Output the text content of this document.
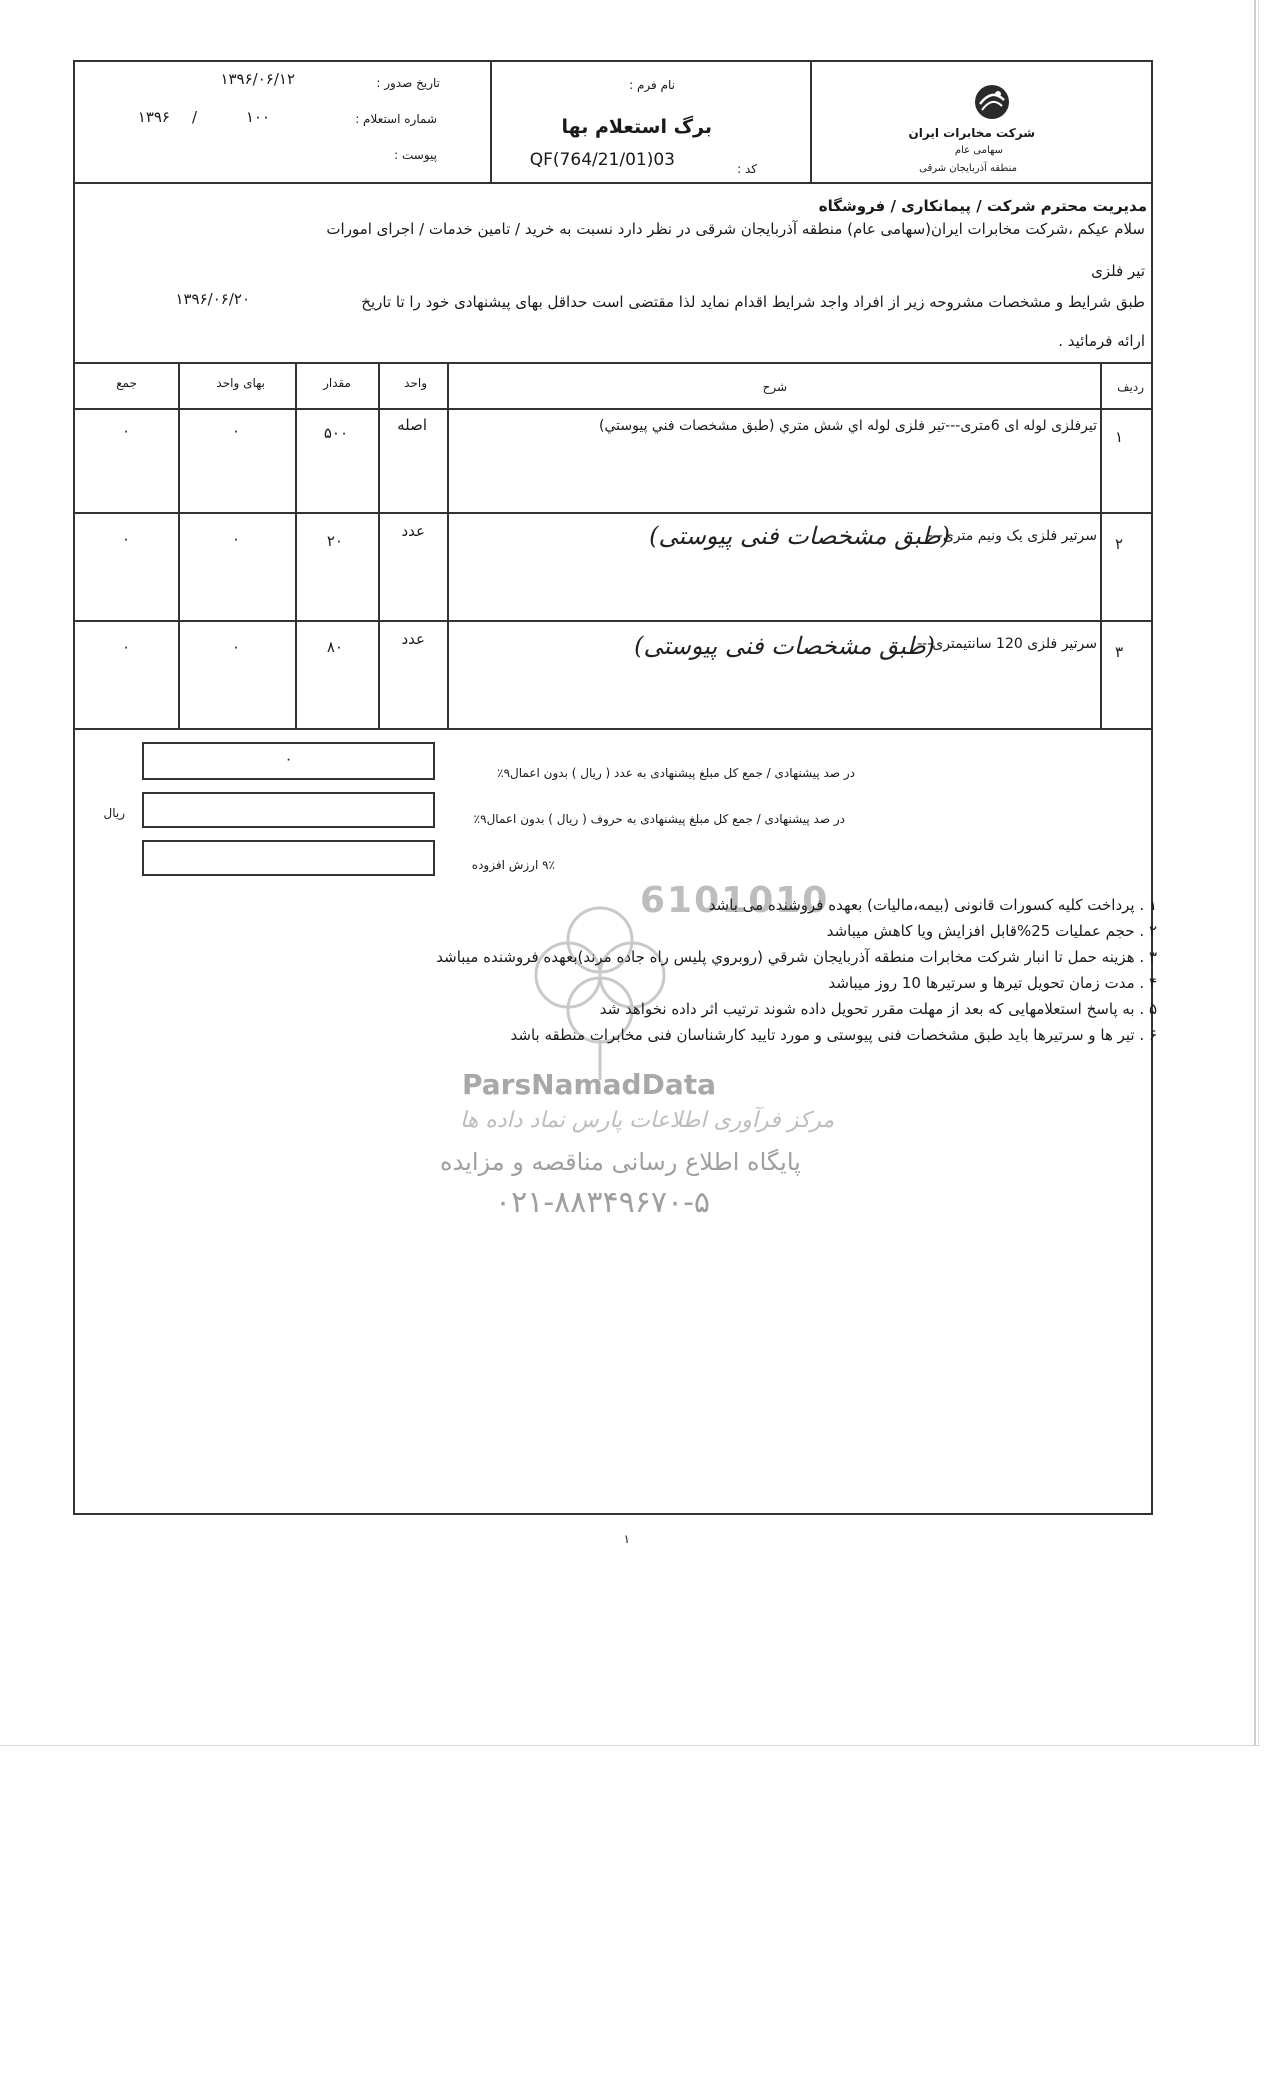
شرکت مخابرات ایران
سهامی عام
منطقه آذربایجان شرقی
نام فرم :
برگ استعلام بها
QF(764/21/01)03	کد :
تاریخ صدور :
۱۳۹۶/۰۶/۱۲
شماره استعلام :
۱۰۰
/
۱۳۹۶
پیوست :
مدیریت محترم شرکت / پیمانکاری / فروشگاه
سلام عیکم ،شرکت مخابرات ایران(سهامی عام) منطقه آذربایجان شرقی در نظر دارد نسبت به خرید / تامین خدمات / اجرای امورات
تیر فلزی
طبق شرایط و مشخصات مشروحه زیر از افراد واجد شرایط اقدام نماید لذا مقتضی است حداقل بهای پیشنهادی خود را تا تاریخ
۱۳۹۶/۰۶/۲۰
ارائه فرمائید .
ردیف
شرح
واحد
مقدار
بهای واحد
جمع
۱
تیرفلزی لوله ای 6متری---تیر فلزی لوله اي شش متري (طبق مشخصات فني پيوستي)
اصله
۵۰۰
۰
۰
۲
سرتیر فلزی یک ونیم متری---
(طبق مشخصات فنی پیوستی)
عدد
۲۰
۰
۰
۳
سرتیر فلزی 120 سانتیمتری---
(طبق مشخصات فنی پیوستی)
عدد
۸۰
۰
۰
۰
در صد پیشنهادی / جمع کل مبلغ پیشنهادی به عدد ( ریال ) بدون اعمال۹٪
ریال	در صد پیشنهادی / جمع کل مبلغ پیشنهادی به حروف ( ریال ) بدون اعمال۹٪
۹٪ ارزش افزوده
6101010
ParsNamadData
مرکز فرآوری اطلاعات پارس نماد داده ها
پایگاه اطلاع رسانی مناقصه و مزایده
۰۲۱-۸۸۳۴۹۶۷۰-۵
۱ . پرداخت کلیه کسورات قانونی (بیمه،مالیات) بعهده فروشنده می باشد
۲ . حجم عملیات 25%قابل افزایش ویا کاهش میباشد
۳ . هزینه حمل تا انبار شرکت مخابرات منطقه آذربایجان شرقي (روبروي پليس راه جاده مرند)بعهده فروشنده میباشد
۴ . مدت زمان تحویل تیرها و سرتیرها 10 روز میباشد
۵ . به پاسخ استعلامهایی که بعد از مهلت مقرر تحویل داده شوند ترتیب اثر داده نخواهد شد
۶ . تیر ها و سرتیرها باید طبق مشخصات فنی پیوستی و مورد تایید کارشناسان فنی مخابرات منطقه باشد
۱
